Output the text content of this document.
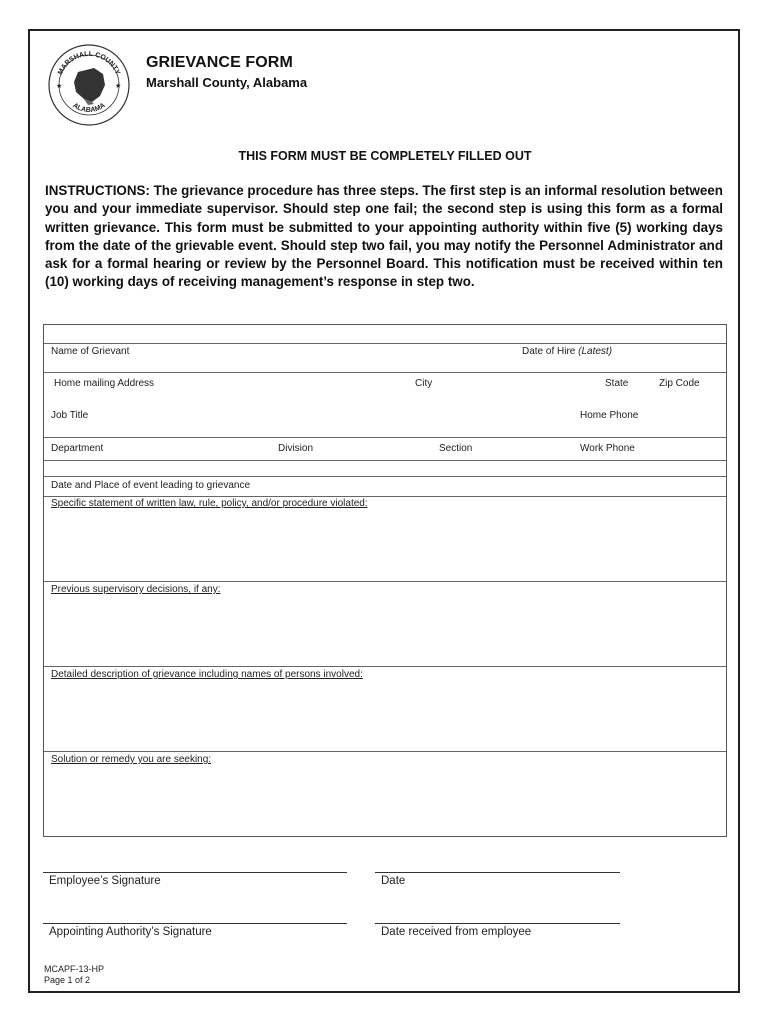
MARSHALL COUNTY
ALABAMA
★	★
GRIEVANCE FORM
Marshall County, Alabama
THIS FORM MUST BE COMPLETELY FILLED OUT
INSTRUCTIONS: The grievance procedure has three steps. The first step is an informal resolution between you and your immediate supervisor. Should step one fail; the second step is using this form as a formal written grievance. This form must be submitted to your appointing authority within five (5) working days from the date of the grievable event. Should step two fail, you may notify the Personnel Administrator and ask for a formal hearing or review by the Personnel Board. This notification must be received within ten (10) working days of receiving management’s response in step two.
Name of Grievant	Date of Hire (Latest)
Home mailing Address	City	State	Zip Code
Job Title	Home Phone
Department	Division	Section	Work Phone
Date and Place of event leading to grievance
Specific statement of written law, rule, policy, and/or procedure violated:
Previous supervisory decisions, if any:
Detailed description of grievance including names of persons involved:
Solution or remedy you are seeking:
Employee’s Signature	Date
Appointing Authority’s Signature	Date received from employee
MCAPF-13-HP
Page 1 of 2
